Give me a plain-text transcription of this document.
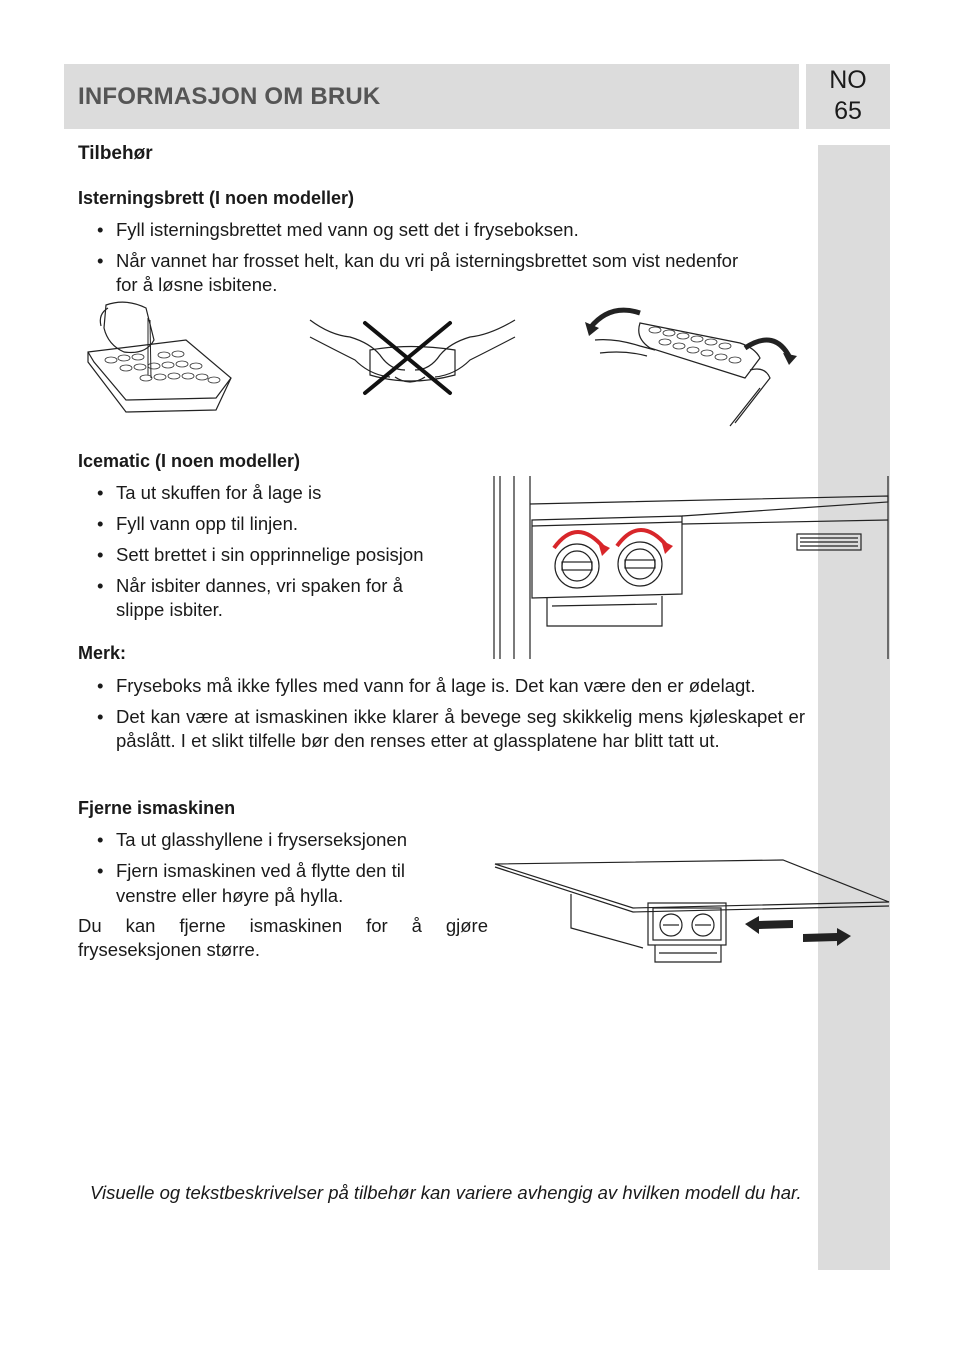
INFORMASJON OM BRUK
NO
65
Tilbehør
Isterningsbrett (I noen modeller)
• Fyll isterningsbrettet med vann og sett det i fryseboksen.
• Når vannet har frosset helt, kan du vri på isterningsbrettet som vist nedenfor
for å løsne isbitene.
Icematic (I noen modeller)
• Ta ut skuffen for å lage is
• Fyll vann opp til linjen.
• Sett brettet i sin opprinnelige posisjon
• Når isbiter dannes, vri spaken for å
slippe isbiter.
Merk:
• Fryseboks må ikke fylles med vann for å lage is. Det kan være den er ødelagt.
• Det kan være at ismaskinen ikke klarer å bevege seg skikkelig mens kjøleskapet er påslått. I et slikt tilfelle bør den renses etter at glassplatene har blitt tatt ut.
Fjerne ismaskinen
• Ta ut glasshyllene i fryserseksjonen
• Fjern ismaskinen ved å flytte den til
venstre eller høyre på hylla.
Du kan fjerne ismaskinen for å gjøre fryseseksjonen større.
Visuelle og tekstbeskrivelser på tilbehør kan variere avhengig av hvilken modell du har.
